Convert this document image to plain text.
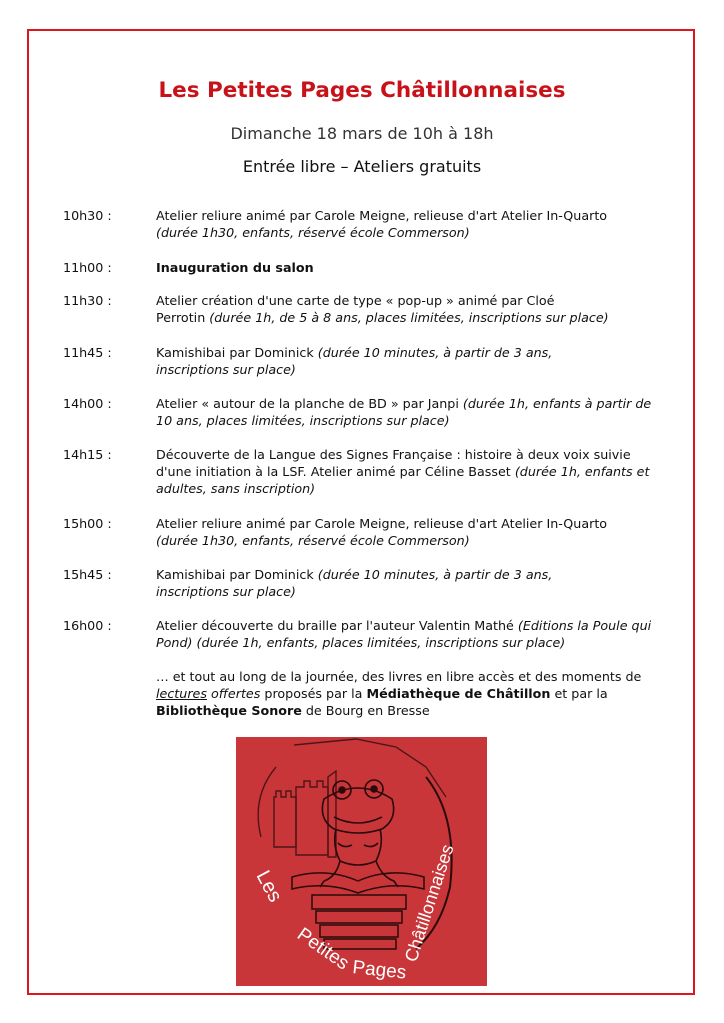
Les Petites Pages Châtillonnaises
Dimanche 18 mars de 10h à 18h
Entrée libre – Ateliers gratuits
10h30 :	Atelier reliure animé par Carole Meigne, relieuse d'art Atelier In-Quarto
(durée 1h30, enfants, réservé école Commerson)
11h00 :	Inauguration du salon
11h30 :	Atelier création d'une carte de type « pop-up » animé par Cloé
Perrotin (durée 1h, de 5 à 8 ans, places limitées, inscriptions sur place)
11h45 :	Kamishibai par Dominick (durée 10 minutes, à partir de 3 ans, inscriptions sur place)
14h00 :	Atelier « autour de la planche de BD » par Janpi (durée 1h, enfants à partir de 10 ans, places limitées, inscriptions sur place)
14h15 :	Découverte de la Langue des Signes Française : histoire à deux voix suivie d'une initiation à la LSF. Atelier animé par Céline Basset (durée 1h, enfants et adultes, sans inscription)
15h00 :	Atelier reliure animé par Carole Meigne, relieuse d'art Atelier In-Quarto
(durée 1h30, enfants, réservé école Commerson)
15h45 :	Kamishibai par Dominick (durée 10 minutes, à partir de 3 ans, inscriptions sur place)
16h00 :	Atelier découverte du braille par l'auteur Valentin Mathé (Editions la Poule qui Pond) (durée 1h, enfants, places limitées, inscriptions sur place)
… et tout au long de la journée, des livres en libre accès et des moments de lectures offertes proposés par la Médiathèque de Châtillon et par la Bibliothèque Sonore de Bourg en Bresse
Les
Petites
Pages
Châtillonnaises
